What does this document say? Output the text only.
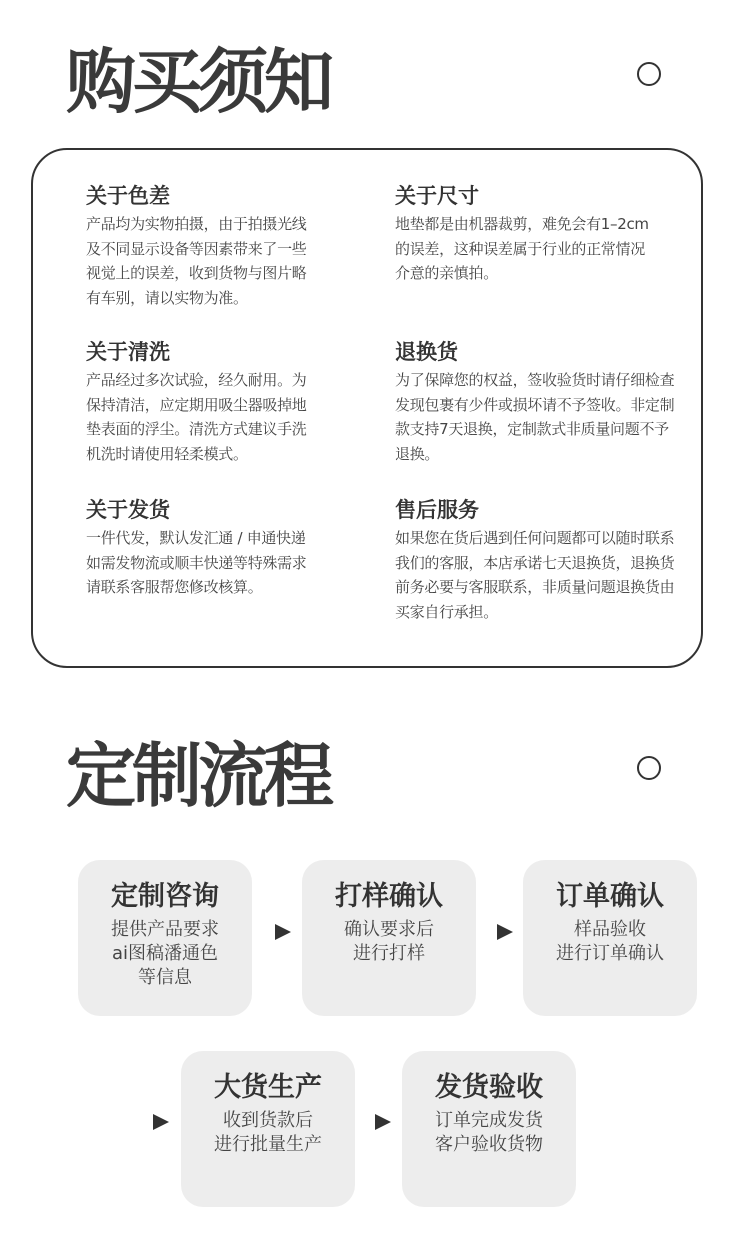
购买须知
关于色差

产品均为实物拍摄，由于拍摄光线
及不同显示设备等因素带来了一些
视觉上的误差，收到货物与图片略
有车别，请以实物为准。

关于尺寸

地垫都是由机器裁剪，难免会有1–2cm
的误差，这种误差属于行业的正常情况
介意的亲慎拍。

关于清洗

产品经过多次试验，经久耐用。为
保持清洁，应定期用吸尘器吸掉地
垫表面的浮尘。清洗方式建议手洗
机洗时请使用轻柔模式。

退换货

为了保障您的权益，签收验货时请仔细检查
发现包裹有少件或损坏请不予签收。非定制
款支持7天退换，定制款式非质量问题不予
退换。

关于发货

一件代发，默认发汇通 / 申通快递
如需发物流或顺丰快递等特殊需求
请联系客服帮您修改核算。

售后服务

如果您在货后遇到任何问题都可以随时联系
我们的客服，本店承诺七天退换货，退换货
前务必要与客服联系，非质量问题退换货由
买家自行承担。

定制流程
定制咨询
提供产品要求
ai图稿潘通色
等信息
打样确认
确认要求后
进行打样
订单确认
样品验收
进行订单确认
大货生产
收到货款后
进行批量生产
发货验收
订单完成发货
客户验收货物
